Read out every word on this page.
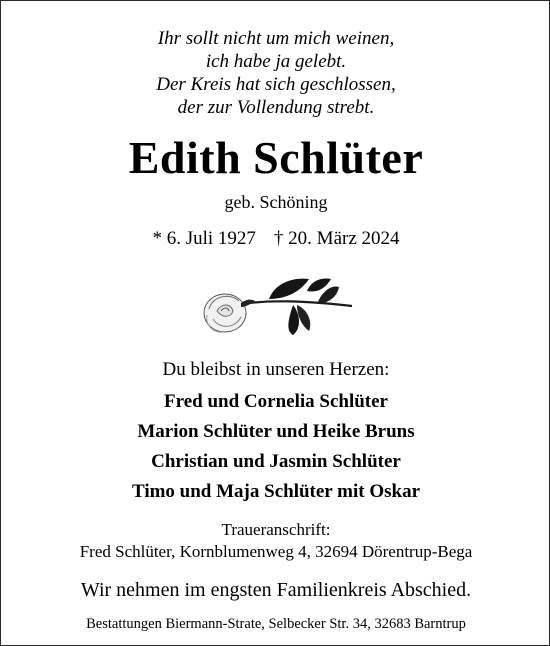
Ihr sollt nicht um mich weinen,
ich habe ja gelebt.
Der Kreis hat sich geschlossen,
der zur Vollendung strebt.
Edith Schlüter
geb. Schöning
* 6. Juli 1927 † 20. März 2024
Du bleibst in unseren Herzen:
Fred und Cornelia Schlüter
Marion Schlüter und Heike Bruns
Christian und Jasmin Schlüter
Timo und Maja Schlüter mit Oskar
Traueranschrift:
Fred Schlüter, Kornblumenweg 4, 32694 Dörentrup-Bega
Wir nehmen im engsten Familienkreis Abschied.
Bestattungen Biermann-Strate, Selbecker Str. 34, 32683 Barntrup
